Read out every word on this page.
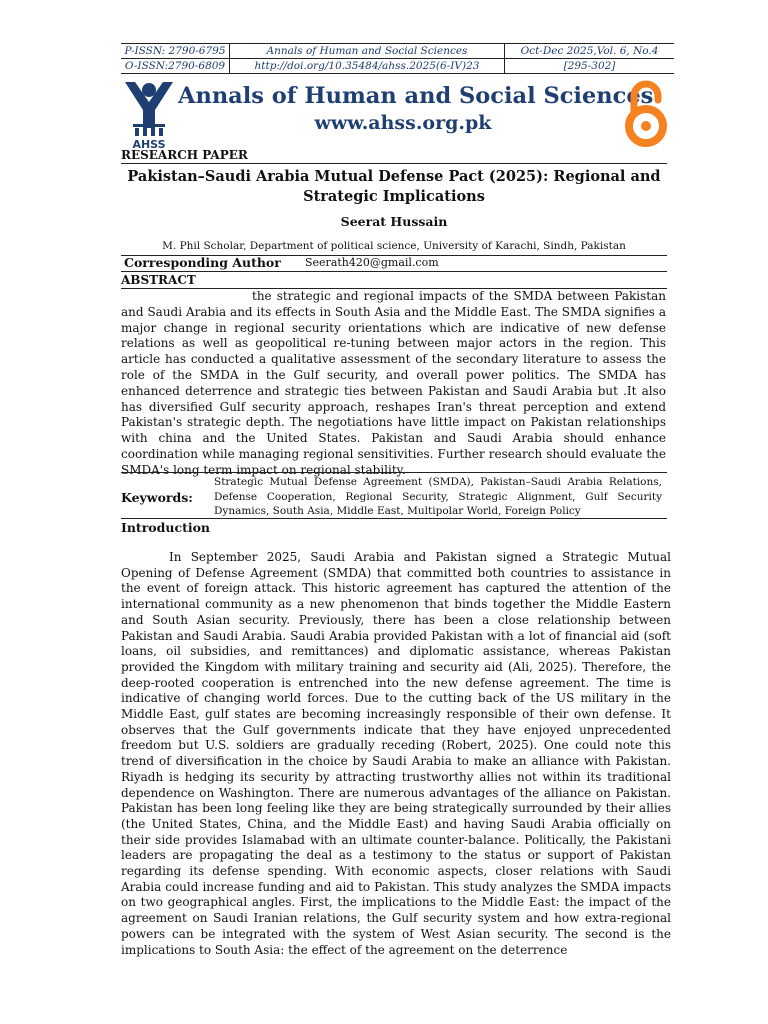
P-ISSN: 2790-6795	Annals of Human and Social Sciences	Oct-Dec 2025,Vol. 6, No.4
O-ISSN:2790-6809	http://doi.org/10.35484/ahss.2025(6-IV)23	[295-302]
AHSS
Annals of Human and Social Sciences
www.ahss.org.pk
RESEARCH PAPER
Pakistan–Saudi Arabia Mutual Defense Pact (2025): Regional and Strategic Implications
Seerat Hussain
M. Phil Scholar, Department of political science, University of Karachi, Sindh, Pakistan
Corresponding Author Seerath420@gmail.com
ABSTRACT
the strategic and regional impacts of the SMDA between Pakistan and Saudi Arabia and its effects in South Asia and the Middle East. The SMDA signifies a major change in regional security orientations which are indicative of new defense relations as well as geopolitical re-tuning between major actors in the region. This article has conducted a qualitative assessment of the secondary literature to assess the role of the SMDA in the Gulf security, and overall power politics. The SMDA has enhanced deterrence and strategic ties between Pakistan and Saudi Arabia but .It also has diversified Gulf security approach, reshapes Iran's threat perception and extend Pakistan's strategic depth. The negotiations have little impact on Pakistan relationships with china and the United States. Pakistan and Saudi Arabia should enhance coordination while managing regional sensitivities. Further research should evaluate the SMDA's long term impact on regional stability.
Keywords:
Strategic Mutual Defense Agreement (SMDA), Pakistan–Saudi Arabia Relations, Defense Cooperation, Regional Security, Strategic Alignment, Gulf Security Dynamics, South Asia, Middle East, Multipolar World, Foreign Policy
Introduction
In September 2025, Saudi Arabia and Pakistan signed a Strategic Mutual Opening of Defense Agreement (SMDA) that committed both countries to assistance in the event of foreign attack. This historic agreement has captured the attention of the international community as a new phenomenon that binds together the Middle Eastern and South Asian security. Previously, there has been a close relationship between Pakistan and Saudi Arabia. Saudi Arabia provided Pakistan with a lot of financial aid (soft loans, oil subsidies, and remittances) and diplomatic assistance, whereas Pakistan provided the Kingdom with military training and security aid (Ali, 2025). Therefore, the deep-rooted cooperation is entrenched into the new defense agreement. The time is indicative of changing world forces. Due to the cutting back of the US military in the Middle East, gulf states are becoming increasingly responsible of their own defense. It observes that the Gulf governments indicate that they have enjoyed unprecedented freedom but U.S. soldiers are gradually receding (Robert, 2025). One could note this trend of diversification in the choice by Saudi Arabia to make an alliance with Pakistan. Riyadh is hedging its security by attracting trustworthy allies not within its traditional dependence on Washington. There are numerous advantages of the alliance on Pakistan. Pakistan has been long feeling like they are being strategically surrounded by their allies (the United States, China, and the Middle East) and having Saudi Arabia officially on their side provides Islamabad with an ultimate counter-balance. Politically, the Pakistani leaders are propagating the deal as a testimony to the status or support of Pakistan regarding its defense spending. With economic aspects, closer relations with Saudi Arabia could increase funding and aid to Pakistan. This study analyzes the SMDA impacts on two geographical angles. First, the implications to the Middle East: the impact of the agreement on Saudi Iranian relations, the Gulf security system and how extra-regional powers can be integrated with the system of West Asian security. The second is the implications to South Asia: the effect of the agreement on the deterrence
